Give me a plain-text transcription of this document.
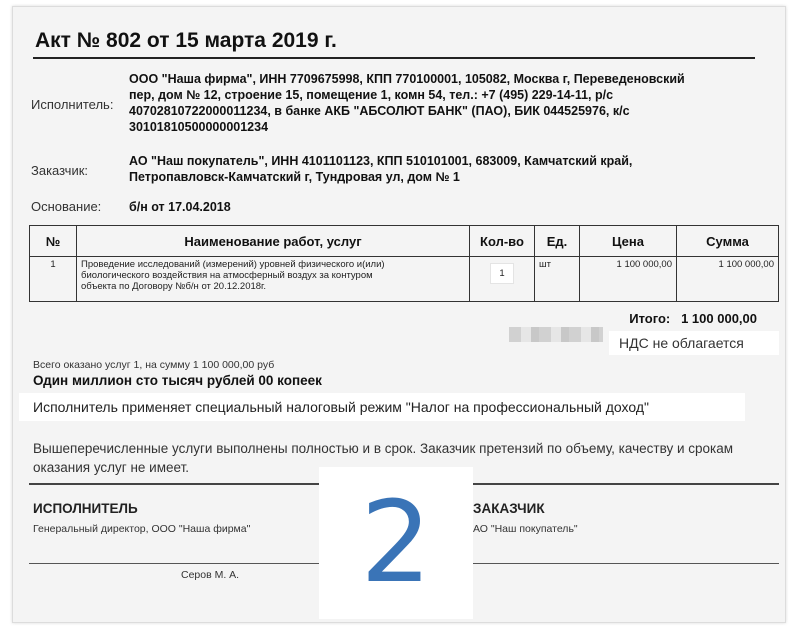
Акт № 802 от 15 марта 2019 г.
Исполнитель:
ООО "Наша фирма", ИНН 7709675998, КПП 770100001, 105082, Москва г, Переведеновский
пер, дом № 12, строение 15, помещение 1, комн 54, тел.: +7 (495) 229-14-11, р/с
40702810722000011234, в банке АКБ "АБСОЛЮТ БАНК" (ПАО), БИК 044525976, к/с
30101810500000001234
Заказчик:
АО "Наш покупатель", ИНН 4101101123, КПП 510101001, 683009, Камчатский край,
Петропавловск-Камчатский г, Тундровая ул, дом № 1
Основание: б/н от 17.04.2018
№	Наименование работ, услуг	Кол-во	Ед.	Цена	Сумма
1	Проведение исследований (измерений) уровней физического и(или)
биологического воздействия на атмосферный воздух за контуром
объекта по Договору №б/н от 20.12.2018г.	1	шт	1 100 000,00	1 100 000,00
Итого: 1 100 000,00
НДС не облагается
Всего оказано услуг 1, на сумму 1 100 000,00 руб
Один миллион сто тысяч рублей 00 копеек
Исполнитель применяет специальный налоговый режим "Налог на профессиональный доход"
Вышеперечисленные услуги выполнены полностью и в срок. Заказчик претензий по объему, качеству и срокам
оказания услуг не имеет.
ИСПОЛНИТЕЛЬ
Генеральный директор, ООО "Наша фирма"
Серов М. А.
ЗАКАЗЧИК
АО "Наш покупатель"
2
